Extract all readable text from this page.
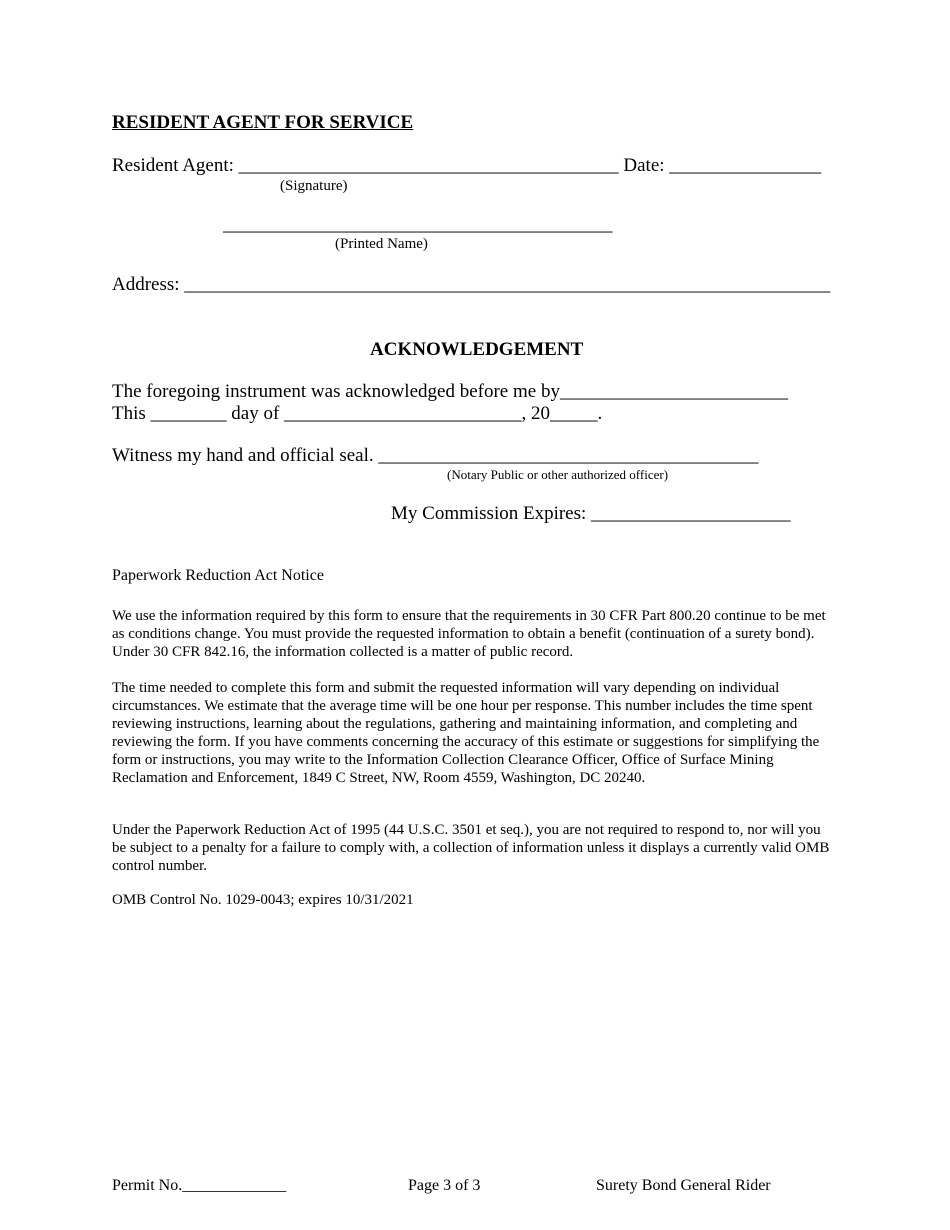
RESIDENT AGENT FOR SERVICE
Resident Agent: ________________________________________ Date: ________________
(Signature)
_________________________________________
(Printed Name)
Address: ____________________________________________________________________
ACKNOWLEDGEMENT
The foregoing instrument was acknowledged before me by________________________
This ________ day of _________________________, 20_____.
Witness my hand and official seal. ________________________________________
(Notary Public or other authorized officer)
My Commission Expires: _____________________
Paperwork Reduction Act Notice
We use the information required by this form to ensure that the requirements in 30 CFR Part 800.20 continue to be met as conditions change. You must provide the requested information to obtain a benefit (continuation of a surety bond). Under 30 CFR 842.16, the information collected is a matter of public record.
The time needed to complete this form and submit the requested information will vary depending on individual circumstances. We estimate that the average time will be one hour per response. This number includes the time spent reviewing instructions, learning about the regulations, gathering and maintaining information, and completing and reviewing the form. If you have comments concerning the accuracy of this estimate or suggestions for simplifying the form or instructions, you may write to the Information Collection Clearance Officer, Office of Surface Mining Reclamation and Enforcement, 1849 C Street, NW, Room 4559, Washington, DC 20240.
Under the Paperwork Reduction Act of 1995 (44 U.S.C. 3501 et seq.), you are not required to respond to, nor will you be subject to a penalty for a failure to comply with, a collection of information unless it displays a currently valid OMB control number.
OMB Control No. 1029-0043; expires 10/31/2021
Permit No._____________	Page 3 of 3	Surety Bond General Rider
